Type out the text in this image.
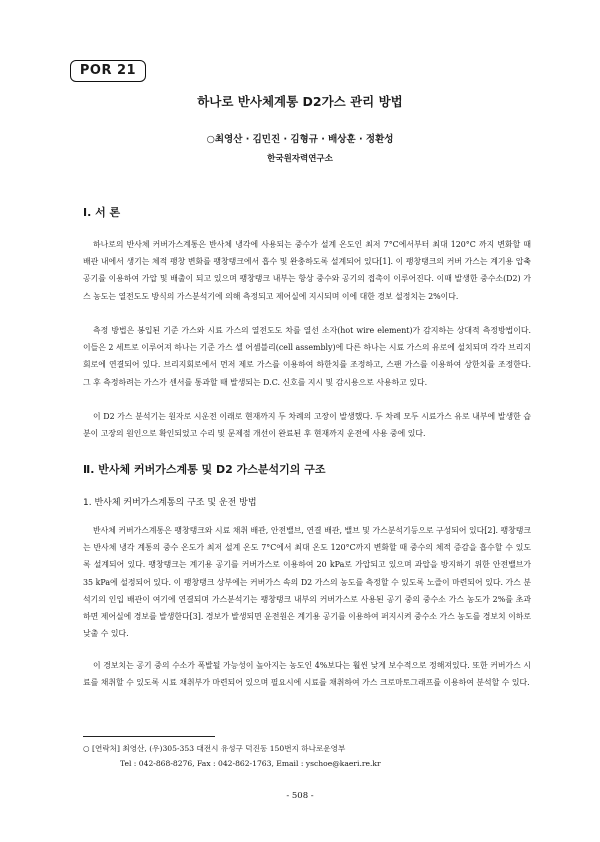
POR 21
하나로 반사체계통 D2가스 관리 방법
○최영산 · 김민진 · 김형규 · 배상훈 · 정환성
한국원자력연구소
Ⅰ. 서 론

하나로의 반사체 커버가스계통은 반사체 냉각에 사용되는 중수가 설계 온도인 최저 7°C에서부터 최대 120°C 까지 변화할 때 배관 내에서 생기는 체적 팽창 변화를 팽창탱크에서 흡수 및 완충하도록 설계되어 있다[1]. 이 팽창탱크의 커버 가스는 계기용 압축공기를 이용하여 가압 및 배출이 되고 있으며 팽창탱크 내부는 항상 중수와 공기의 접촉이 이루어진다. 이때 발생한 중수소(D2) 가스 농도는 열전도도 방식의 가스분석기에 의해 측정되고 제어실에 지시되며 이에 대한 경보 설정치는 2%이다.

측정 방법은 봉입된 기준 가스와 시료 가스의 열전도도 차를 열선 소자(hot wire element)가 감지하는 상대적 측정방법이다. 이들은 2 세트로 이루어져 하나는 기준 가스 셀 어셈블리(cell assembly)에 다른 하나는 시료 가스의 유로에 설치되며 각각 브리지 회로에 연결되어 있다. 브리지회로에서 먼저 제로 가스를 이용하여 하한치를 조정하고, 스팬 가스를 이용하여 상한치를 조정한다. 그 후 측정하려는 가스가 센서를 통과할 때 발생되는 D.C. 신호를 지시 및 감시용으로 사용하고 있다.

이 D2 가스 분석기는 원자로 시운전 이래로 현재까지 두 차례의 고장이 발생했다. 두 차례 모두 시료가스 유로 내부에 발생한 습분이 고장의 원인으로 확인되었고 수리 및 문제점 개선이 완료된 후 현재까지 운전에 사용 중에 있다.

Ⅱ. 반사체 커버가스계통 및 D2 가스분석기의 구조
1. 반사체 커버가스계통의 구조 및 운전 방법

반사체 커버가스계통은 팽창탱크와 시료 채취 배관, 안전밸브, 연결 배관, 밸브 및 가스분석기등으로 구성되어 있다[2]. 팽창탱크는 반사체 냉각 계통의 중수 온도가 최저 설계 온도 7°C에서 최대 온도 120°C까지 변화할 때 중수의 체적 증감을 흡수할 수 있도록 설계되어 있다. 팽창탱크는 계기용 공기를 커버가스로 이용하여 20 kPa로 가압되고 있으며 과압을 방지하기 위한 안전밸브가 35 kPa에 설정되어 있다. 이 팽창탱크 상부에는 커버가스 속의 D2 가스의 농도를 측정할 수 있도록 노즐이 마련되어 있다. 가스 분석기의 인입 배관이 여기에 연결되며 가스분석기는 팽창탱크 내부의 커버가스로 사용된 공기 중의 중수소 가스 농도가 2%를 초과하면 제어실에 경보를 발생한다[3]. 경보가 발생되면 운전원은 계기용 공기를 이용하여 퍼지시켜 중수소 가스 농도를 경보치 이하로 낮출 수 있다.

이 경보치는 공기 중의 수소가 폭발될 가능성이 높아지는 농도인 4%보다는 훨씬 낮게 보수적으로 정해져있다. 또한 커버가스 시료를 채취할 수 있도록 시료 채취부가 마련되어 있으며 필요시에 시료를 채취하여 가스 크로마토그래프를 이용하여 분석할 수 있다.

○ [연락처] 최영산, (우)305-353 대전시 유성구 덕진동 150번지 하나로운영부
Tel : 042-868-8276, Fax : 042-862-1763, Email : yschoe@kaeri.re.kr
- 508 -
